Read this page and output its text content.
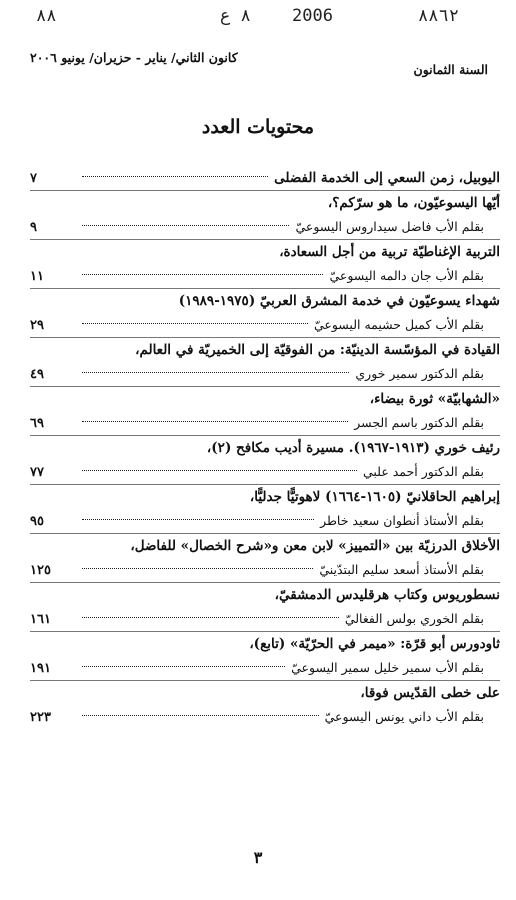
٨٨	٨ ع 2006	٨٨٦٢
السنة الثمانون
كانون الثاني/ يناير - حزيران/ يونيو ٢٠٠٦
محتويات العدد
اليوبيل، زمن السعي إلى الخدمة الفضلى
٧
أيّها اليسوعيّون، ما هو سرّكم؟،
بقلم الأب فاضل سيداروس اليسوعيّ
٩
التربية الإغناطيّة تربية من أجل السعادة،
بقلم الأب جان دالمه اليسوعيّ
١١
شهداء يسوعيّون في خدمة المشرق العربيّ (١٩٧٥-١٩٨٩)
بقلم الأب كميل حشيمه اليسوعيّ
٢٩
القيادة في المؤسّسة الدينيّة: من الفوقيّة إلى الخميريّة في العالم،
بقلم الدكتور سمير خوري
٤٩
«الشهابيّة» ثورة بيضاء،
بقلم الدكتور باسم الجسر
٦٩
رئيف خوري (١٩١٣-١٩٦٧). مسيرة أديب مكافح (٢)،
بقلم الدكتور أحمد علبي
٧٧
إبراهيم الحاقلانيّ (١٦٠٥-١٦٦٤) لاهوتيًّا جدليًّا،
بقلم الأستاذ أنطوان سعيد خاطر
٩٥
الأخلاق الدرزيّة بين «التمييز» لابن معن و«شرح الخصال» للفاضل،
بقلم الأستاذ أسعد سليم البتدّينيّ
١٢٥
نسطوريوس وكتاب هرقليدس الدمشقيّ،
بقلم الخوري بولس الفغاليّ
١٦١
ثاودورس أبو قرّة: «ميمر في الحرّيّة» (تابع)،
بقلم الأب سمير خليل سمير اليسوعيّ
١٩١
على خطى القدّيس فوقا،
بقلم الأب داني يونس اليسوعيّ
٢٢٣
٣
